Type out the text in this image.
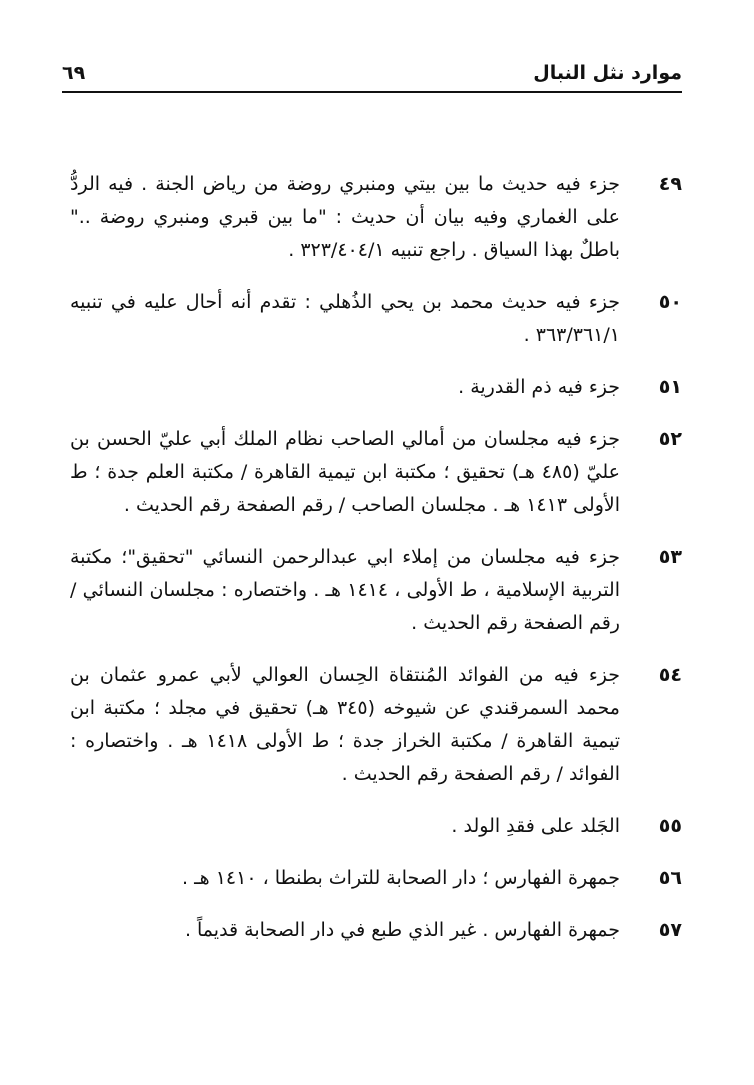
موارد نثل النبال
٦٩
٤٩
جزء فيه حديث ما بين بيتي ومنبري روضة من رياض الجنة . فيه الردُّ على الغماري وفيه بيان أن حديث : "ما بين قبري ومنبري روضة .." باطلٌ بهذا السياق . راجع تنبيه ٣٢٣/٤٠٤/١ .
٥٠
جزء فيه حديث محمد بن يحي الذُهلي : تقدم أنه أحال عليه في تنبيه ٣٦٣/٣٦١/١ .
٥١
جزء فيه ذم القدرية .
٥٢
جزء فيه مجلسان من أمالي الصاحب نظام الملك أبي عليّ الحسن بن عليّ (٤٨٥ هـ) تحقيق ؛ مكتبة ابن تيمية القاهرة / مكتبة العلم جدة ؛ ط الأولى ١٤١٣ هـ . مجلسان الصاحب / رقم الصفحة رقم الحديث .
٥٣
جزء فيه مجلسان من إملاء ابي عبدالرحمن النسائي "تحقيق"؛ مكتبة التربية الإسلامية ، ط الأولى ، ١٤١٤ هـ . واختصاره : مجلسان النسائي / رقم الصفحة رقم الحديث .
٥٤
جزء فيه من الفوائد المُنتقاة الحِسان العوالي لأبي عمرو عثمان بن محمد السمرقندي عن شيوخه (٣٤٥ هـ) تحقيق في مجلد ؛ مكتبة ابن تيمية القاهرة / مكتبة الخراز جدة ؛ ط الأولى ١٤١٨ هـ . واختصاره : الفوائد / رقم الصفحة رقم الحديث .
٥٥
الجَلد على فقدِ الولد .
٥٦
جمهرة الفهارس ؛ دار الصحابة للتراث بطنطا ، ١٤١٠ هـ .
٥٧
جمهرة الفهارس . غير الذي طبع في دار الصحابة قديماً .
